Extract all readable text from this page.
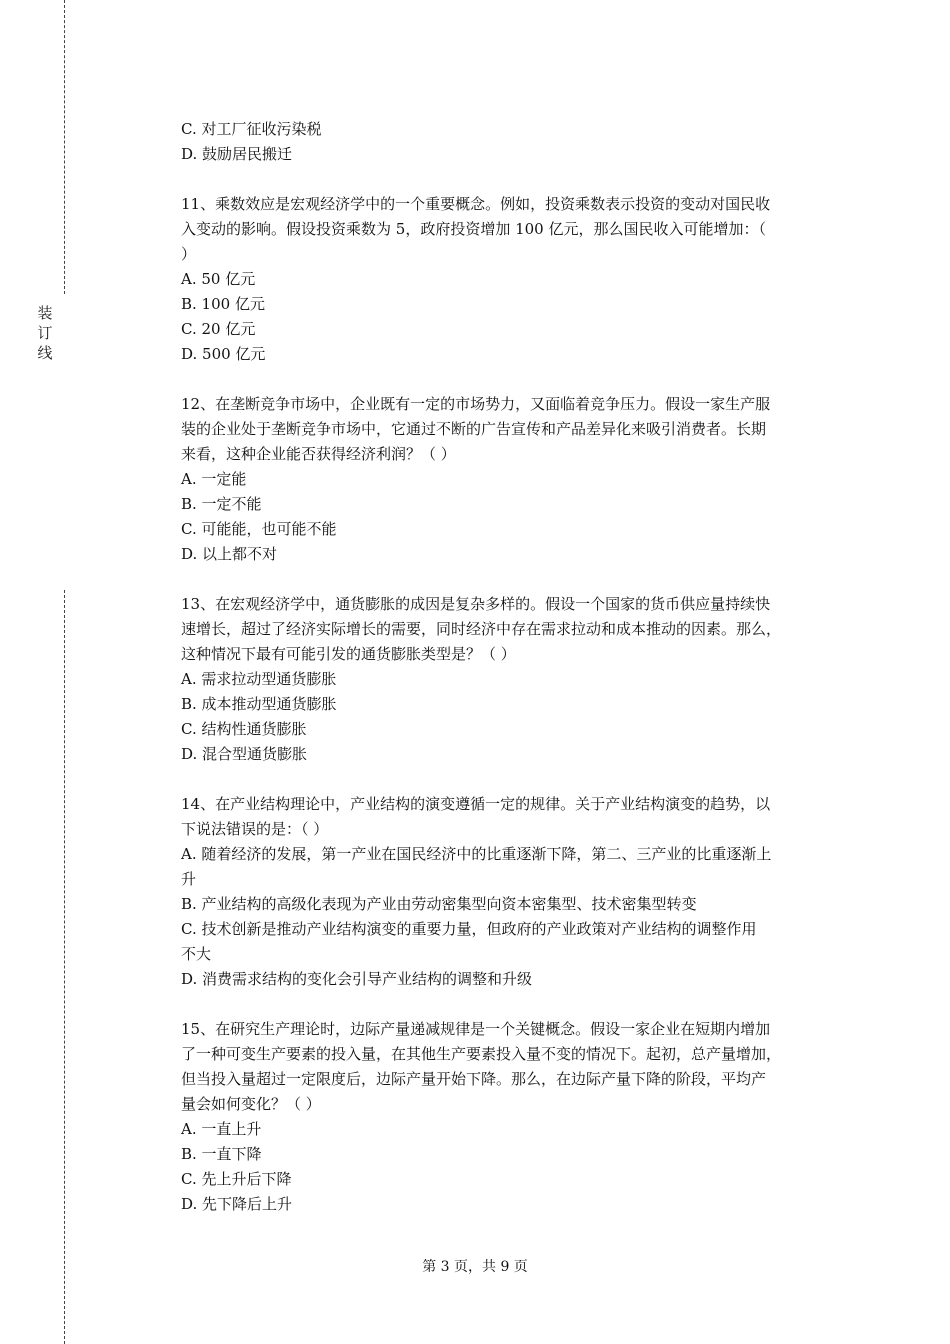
装
订
线
C. 对工厂征收污染税
D. 鼓励居民搬迁
11、乘数效应是宏观经济学中的一个重要概念。例如，投资乘数表示投资的变动对国民收
入变动的影响。假设投资乘数为 5，政府投资增加 100 亿元，那么国民收入可能增加：（
）
A. 50 亿元
B. 100 亿元
C. 20 亿元
D. 500 亿元
12、在垄断竞争市场中，企业既有一定的市场势力，又面临着竞争压力。假设一家生产服
装的企业处于垄断竞争市场中，它通过不断的广告宣传和产品差异化来吸引消费者。长期
来看，这种企业能否获得经济利润？（ ）
A. 一定能
B. 一定不能
C. 可能能，也可能不能
D. 以上都不对
13、在宏观经济学中，通货膨胀的成因是复杂多样的。假设一个国家的货币供应量持续快
速增长，超过了经济实际增长的需要，同时经济中存在需求拉动和成本推动的因素。那么，
这种情况下最有可能引发的通货膨胀类型是？（ ）
A. 需求拉动型通货膨胀
B. 成本推动型通货膨胀
C. 结构性通货膨胀
D. 混合型通货膨胀
14、在产业结构理论中，产业结构的演变遵循一定的规律。关于产业结构演变的趋势，以
下说法错误的是：（ ）
A. 随着经济的发展，第一产业在国民经济中的比重逐渐下降，第二、三产业的比重逐渐上
升
B. 产业结构的高级化表现为产业由劳动密集型向资本密集型、技术密集型转变
C. 技术创新是推动产业结构演变的重要力量，但政府的产业政策对产业结构的调整作用
不大
D. 消费需求结构的变化会引导产业结构的调整和升级
15、在研究生产理论时，边际产量递减规律是一个关键概念。假设一家企业在短期内增加
了一种可变生产要素的投入量，在其他生产要素投入量不变的情况下。起初，总产量增加，
但当投入量超过一定限度后，边际产量开始下降。那么，在边际产量下降的阶段，平均产
量会如何变化？（ ）
A. 一直上升
B. 一直下降
C. 先上升后下降
D. 先下降后上升
第 3 页，共 9 页
